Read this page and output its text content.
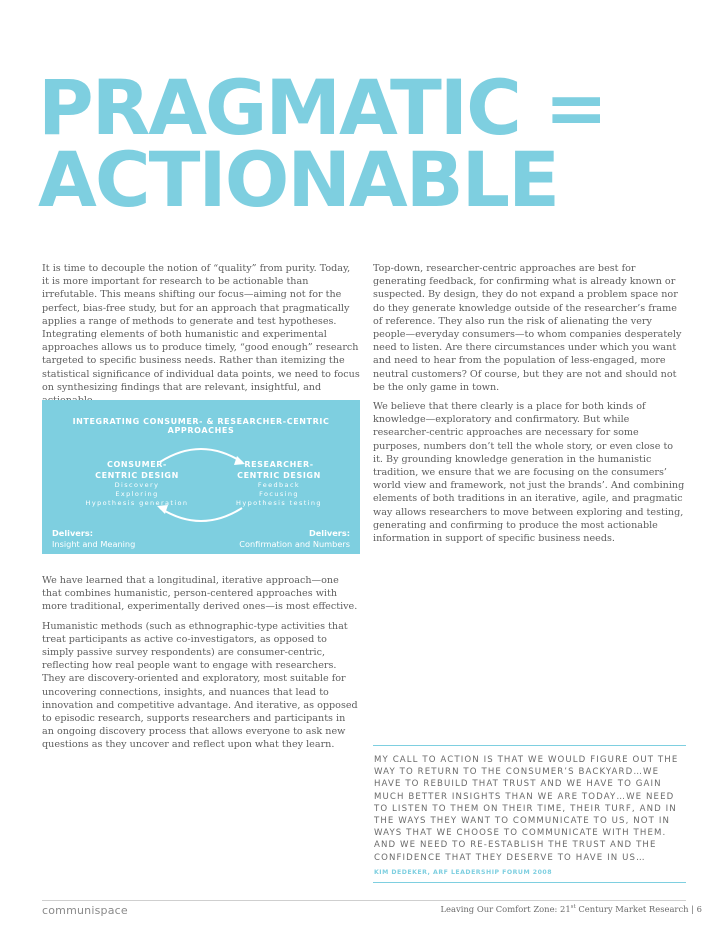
PRAGMATIC =
ACTIONABLE

It is time to decouple the notion of “quality” from purity. Today, it is more important for research to be actionable than irrefutable. This means shifting our focus—aiming not for the perfect, bias-free study, but for an approach that pragmatically applies a range of methods to generate and test hypotheses. Integrating elements of both humanistic and experimental approaches allows us to produce timely, “good enough” research targeted to specific business needs. Rather than itemizing the statistical significance of individual data points, we need to focus on synthesizing findings that are relevant, insightful, and

INTEGRATING CONSUMER- & RESEARCHER-CENTRIC APPROACHES
CONSUMER-
CENTRIC DESIGN
Discovery
Exploring
Hypothesis generation
RESEARCHER-
CENTRIC DESIGN
Feedback
Focusing
Hypothesis testing
Delivers:
Insight and Meaning
Delivers:
Confirmation and Numbers

We have learned that a longitudinal, iterative approach—one that combines humanistic, person-centered approaches with more traditional, experimentally derived ones—is most effective.

Humanistic methods (such as ethnographic-type activities that treat participants as active co-investigators, as opposed to simply passive survey respondents) are consumer-centric, reflecting how real people want to engage with researchers. They are discovery-oriented and exploratory, most suitable for uncovering connections, insights, and nuances that lead to innovation and competitive advantage. And iterative, as opposed to episodic research, supports researchers and participants in an ongoing discovery process that allows everyone to ask new questions as they uncover and reflect upon what they learn.

Top-down, researcher-centric approaches are best for generating feedback, for confirming what is already known or suspected. By design, they do not expand a problem space nor do they generate knowledge outside of the researcher’s frame of reference. They also run the risk of alienating the very people—everyday consumers—to whom companies desperately need to listen. Are there circumstances under which you want and need to hear from the population of less-engaged, more neutral customers? Of course, but they are not and should not be the only game in town.

We believe that there clearly is a place for both kinds of knowledge—exploratory and confirmatory. But while researcher-centric approaches are necessary for some purposes, numbers don’t tell the whole story, or even close to it. By grounding knowledge generation in the humanistic tradition, we ensure that we are focusing on the consumers’ world view and framework, not just the brands’. And combining elements of both traditions in an iterative, agile, and pragmatic way allows researchers to move between exploring and testing, generating and confirming to produce the most actionable information in support of specific business needs.

MY CALL TO ACTION IS THAT WE WOULD FIGURE OUT THE WAY TO RETURN TO THE CONSUMER’S BACKYARD…WE HAVE TO REBUILD THAT TRUST AND WE HAVE TO GAIN MUCH BETTER INSIGHTS THAN WE ARE TODAY…WE NEED TO LISTEN TO THEM ON THEIR TIME, THEIR TURF, AND IN THE WAYS THEY WANT TO COMMUNICATE TO US, NOT IN WAYS THAT WE CHOOSE TO COMMUNICATE WITH THEM. AND WE NEED TO RE-ESTABLISH THE TRUST AND THE CONFIDENCE THAT THEY DESERVE TO HAVE IN US…
KIM DEDEKER, ARF LEADERSHIP FORUM 2008
communispace	Leaving Our Comfort Zone: 21st Century Market Research | 6
